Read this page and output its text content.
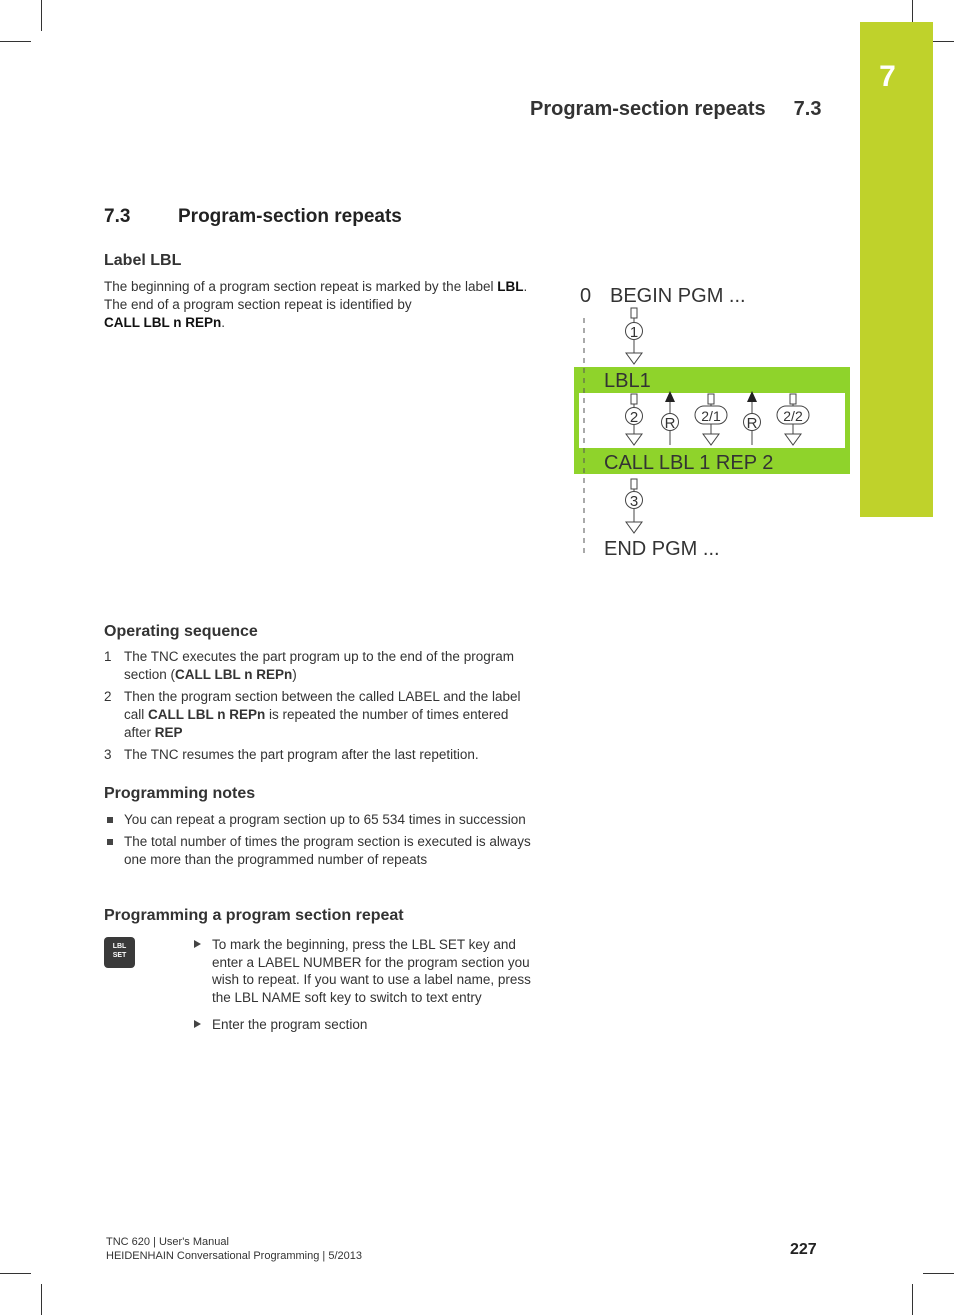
7
Program-section repeats 7.3
7.3	Program-section repeats
Label LBL
The beginning of a program section repeat is marked by the label LBL. The end of a program section repeat is identified by
CALL LBL n REPn.
0 BEGIN PGM ...
LBL1
CALL LBL 1 REP 2
END PGM ...
1
2 R 2/1 R 2/2
3
Operating sequence
1 The TNC executes the part program up to the end of the program section (CALL LBL n REPn)
2 Then the program section between the called LABEL and the label call CALL LBL n REPn is repeated the number of times entered after REP
3 The TNC resumes the part program after the last repetition.
Programming notes
You can repeat a program section up to 65 534 times in succession
The total number of times the program section is executed is always one more than the programmed number of repeats
Programming a program section repeat
LBL
SET
To mark the beginning, press the LBL SET key and enter a LABEL NUMBER for the program section you wish to repeat. If you want to use a label name, press the LBL NAME soft key to switch to text entry
Enter the program section
TNC 620 | User's Manual
HEIDENHAIN Conversational Programming | 5/2013	227
